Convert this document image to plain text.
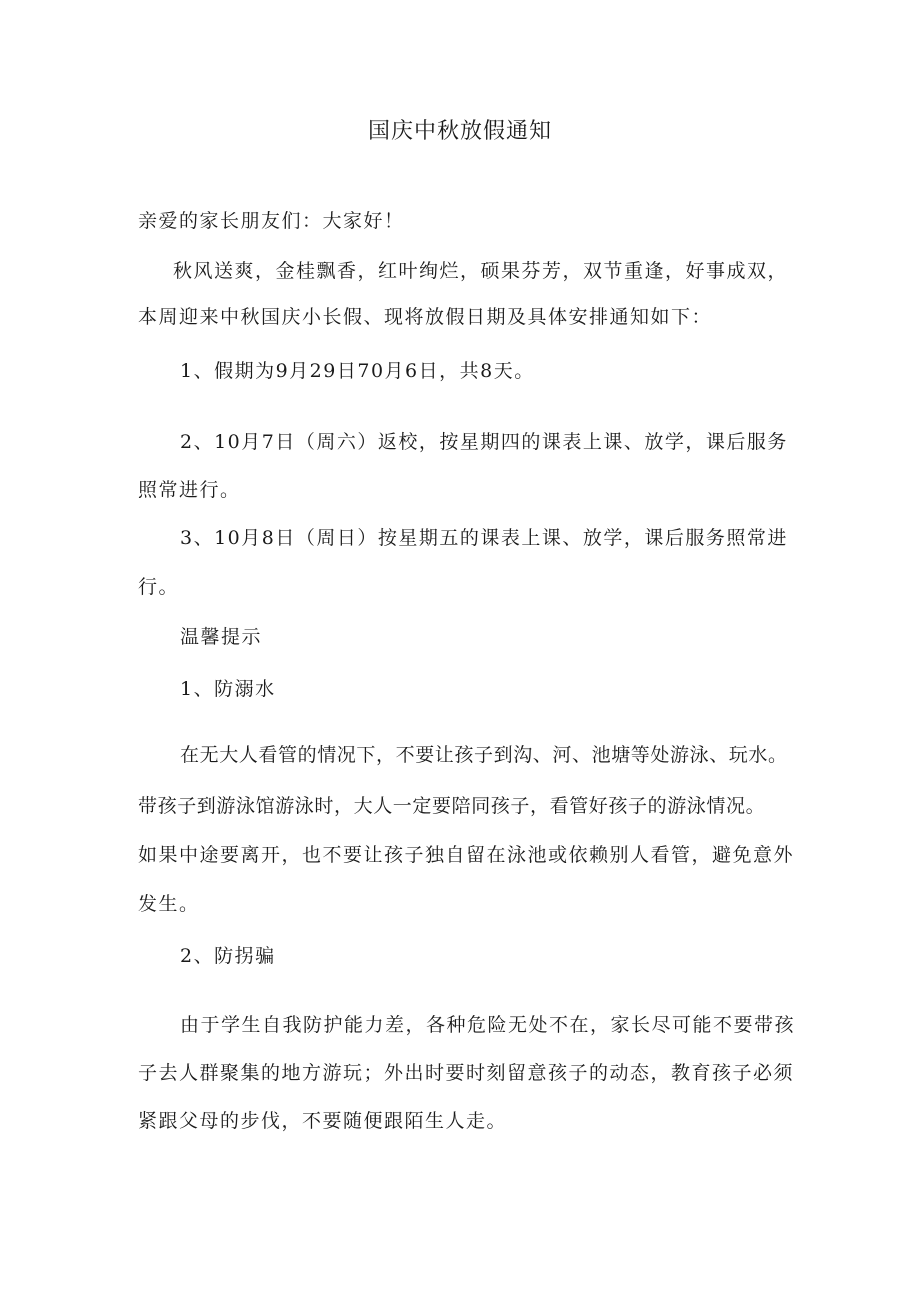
国庆中秋放假通知
亲爱的家长朋友们：大家好！
秋风送爽，金桂飘香，红叶绚烂，硕果芬芳，双节重逢，好事成双，
本周迎来中秋国庆小长假、现将放假日期及具体安排通知如下：
1、假期为9月29日70月6日，共8天。
2、10月7日（周六）返校，按星期四的课表上课、放学，课后服务
照常进行。
3、10月8日（周日）按星期五的课表上课、放学，课后服务照常进
行。
温馨提示
1、防溺水
在无大人看管的情况下，不要让孩子到沟、河、池塘等处游泳、玩水。
带孩子到游泳馆游泳时，大人一定要陪同孩子，看管好孩子的游泳情况。
如果中途要离开，也不要让孩子独自留在泳池或依赖别人看管，避免意外
发生。
2、防拐骗
由于学生自我防护能力差，各种危险无处不在，家长尽可能不要带孩
子去人群聚集的地方游玩；外出时要时刻留意孩子的动态，教育孩子必须
紧跟父母的步伐，不要随便跟陌生人走。
